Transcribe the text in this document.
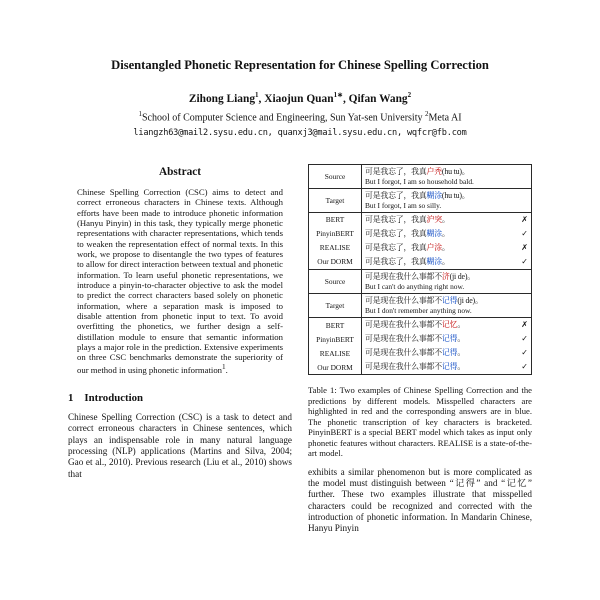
Disentangled Phonetic Representation for Chinese Spelling Correction
Zihong Liang$^1$, Xiaojun Quan$^{1∗}$, Qifan Wang$^2$
$^1$School of Computer Science and Engineering, Sun Yat-sen University $^2$Meta AI
liangzh63@mail2.sysu.edu.cn, quanxj3@mail.sysu.edu.cn, wqfcr@fb.com
Abstract
Chinese Spelling Correction (CSC) aims to detect and correct erroneous characters in Chinese texts. Although efforts have been made to introduce phonetic information (Hanyu Pinyin) in this task, they typically merge phonetic representations with character representations, which tends to weaken the representation effect of normal texts. In this work, we propose to disentangle the two types of features to allow for direct interaction between textual and phonetic information. To learn useful phonetic representations, we introduce a pinyin-to-character objective to ask the model to predict the correct characters based solely on phonetic information, where a separation mask is imposed to disable attention from phonetic input to text. To avoid overfitting the phonetics, we further design a self-distillation module to ensure that semantic information plays a major role in the prediction. Extensive experiments on three CSC benchmarks demonstrate the superiority of our method in using phonetic information$^1$.
1 Introduction
Chinese Spelling Correction (CSC) is a task to detect and correct erroneous characters in Chinese sentences, which plays an indispensable role in many natural language processing (NLP) applications (Martins and Silva, 2004; Gao et al., 2010). Previous research (Liu et al., 2010) shows that
Source	可是我忘了，我真户秃(hu tu)。
But I forgot, I am so household bald.

Target	可是我忘了，我真糊涂(hu tu)。
But I forgot, I am so silly.

BERT	可是我忘了，我真沪突。 ✗

PinyinBERT	可是我忘了，我真糊涂。 ✓

REALISE	可是我忘了，我真户涂。 ✗

Our DORM	可是我忘了，我真糊涂。 ✓

Source	可是现在我什么事都不济(ji de)。
But I can't do anything right now.

Target	可是现在我什么事都不记得(ji de)。
But I don't remember anything now.

BERT	可是现在我什么事都不记忆。 ✗

PinyinBERT	可是现在我什么事都不记得。 ✓

REALISE	可是现在我什么事都不记得。 ✓

Our DORM	可是现在我什么事都不记得。 ✓
Table 1: Two examples of Chinese Spelling Correction and the predictions by different models. Misspelled characters are highlighted in red and the corresponding answers are in blue. The phonetic transcription of key characters is bracketed. PinyinBERT is a special BERT model which takes as input only phonetic features without characters. REALISE is a state-of-the-art model.
exhibits a similar phenomenon but is more complicated as the model must distinguish between “记得” and “记忆” further. These two examples illustrate that misspelled characters could be recognized and corrected with the introduction of phonetic information. In Mandarin Chinese, Hanyu Pinyin
